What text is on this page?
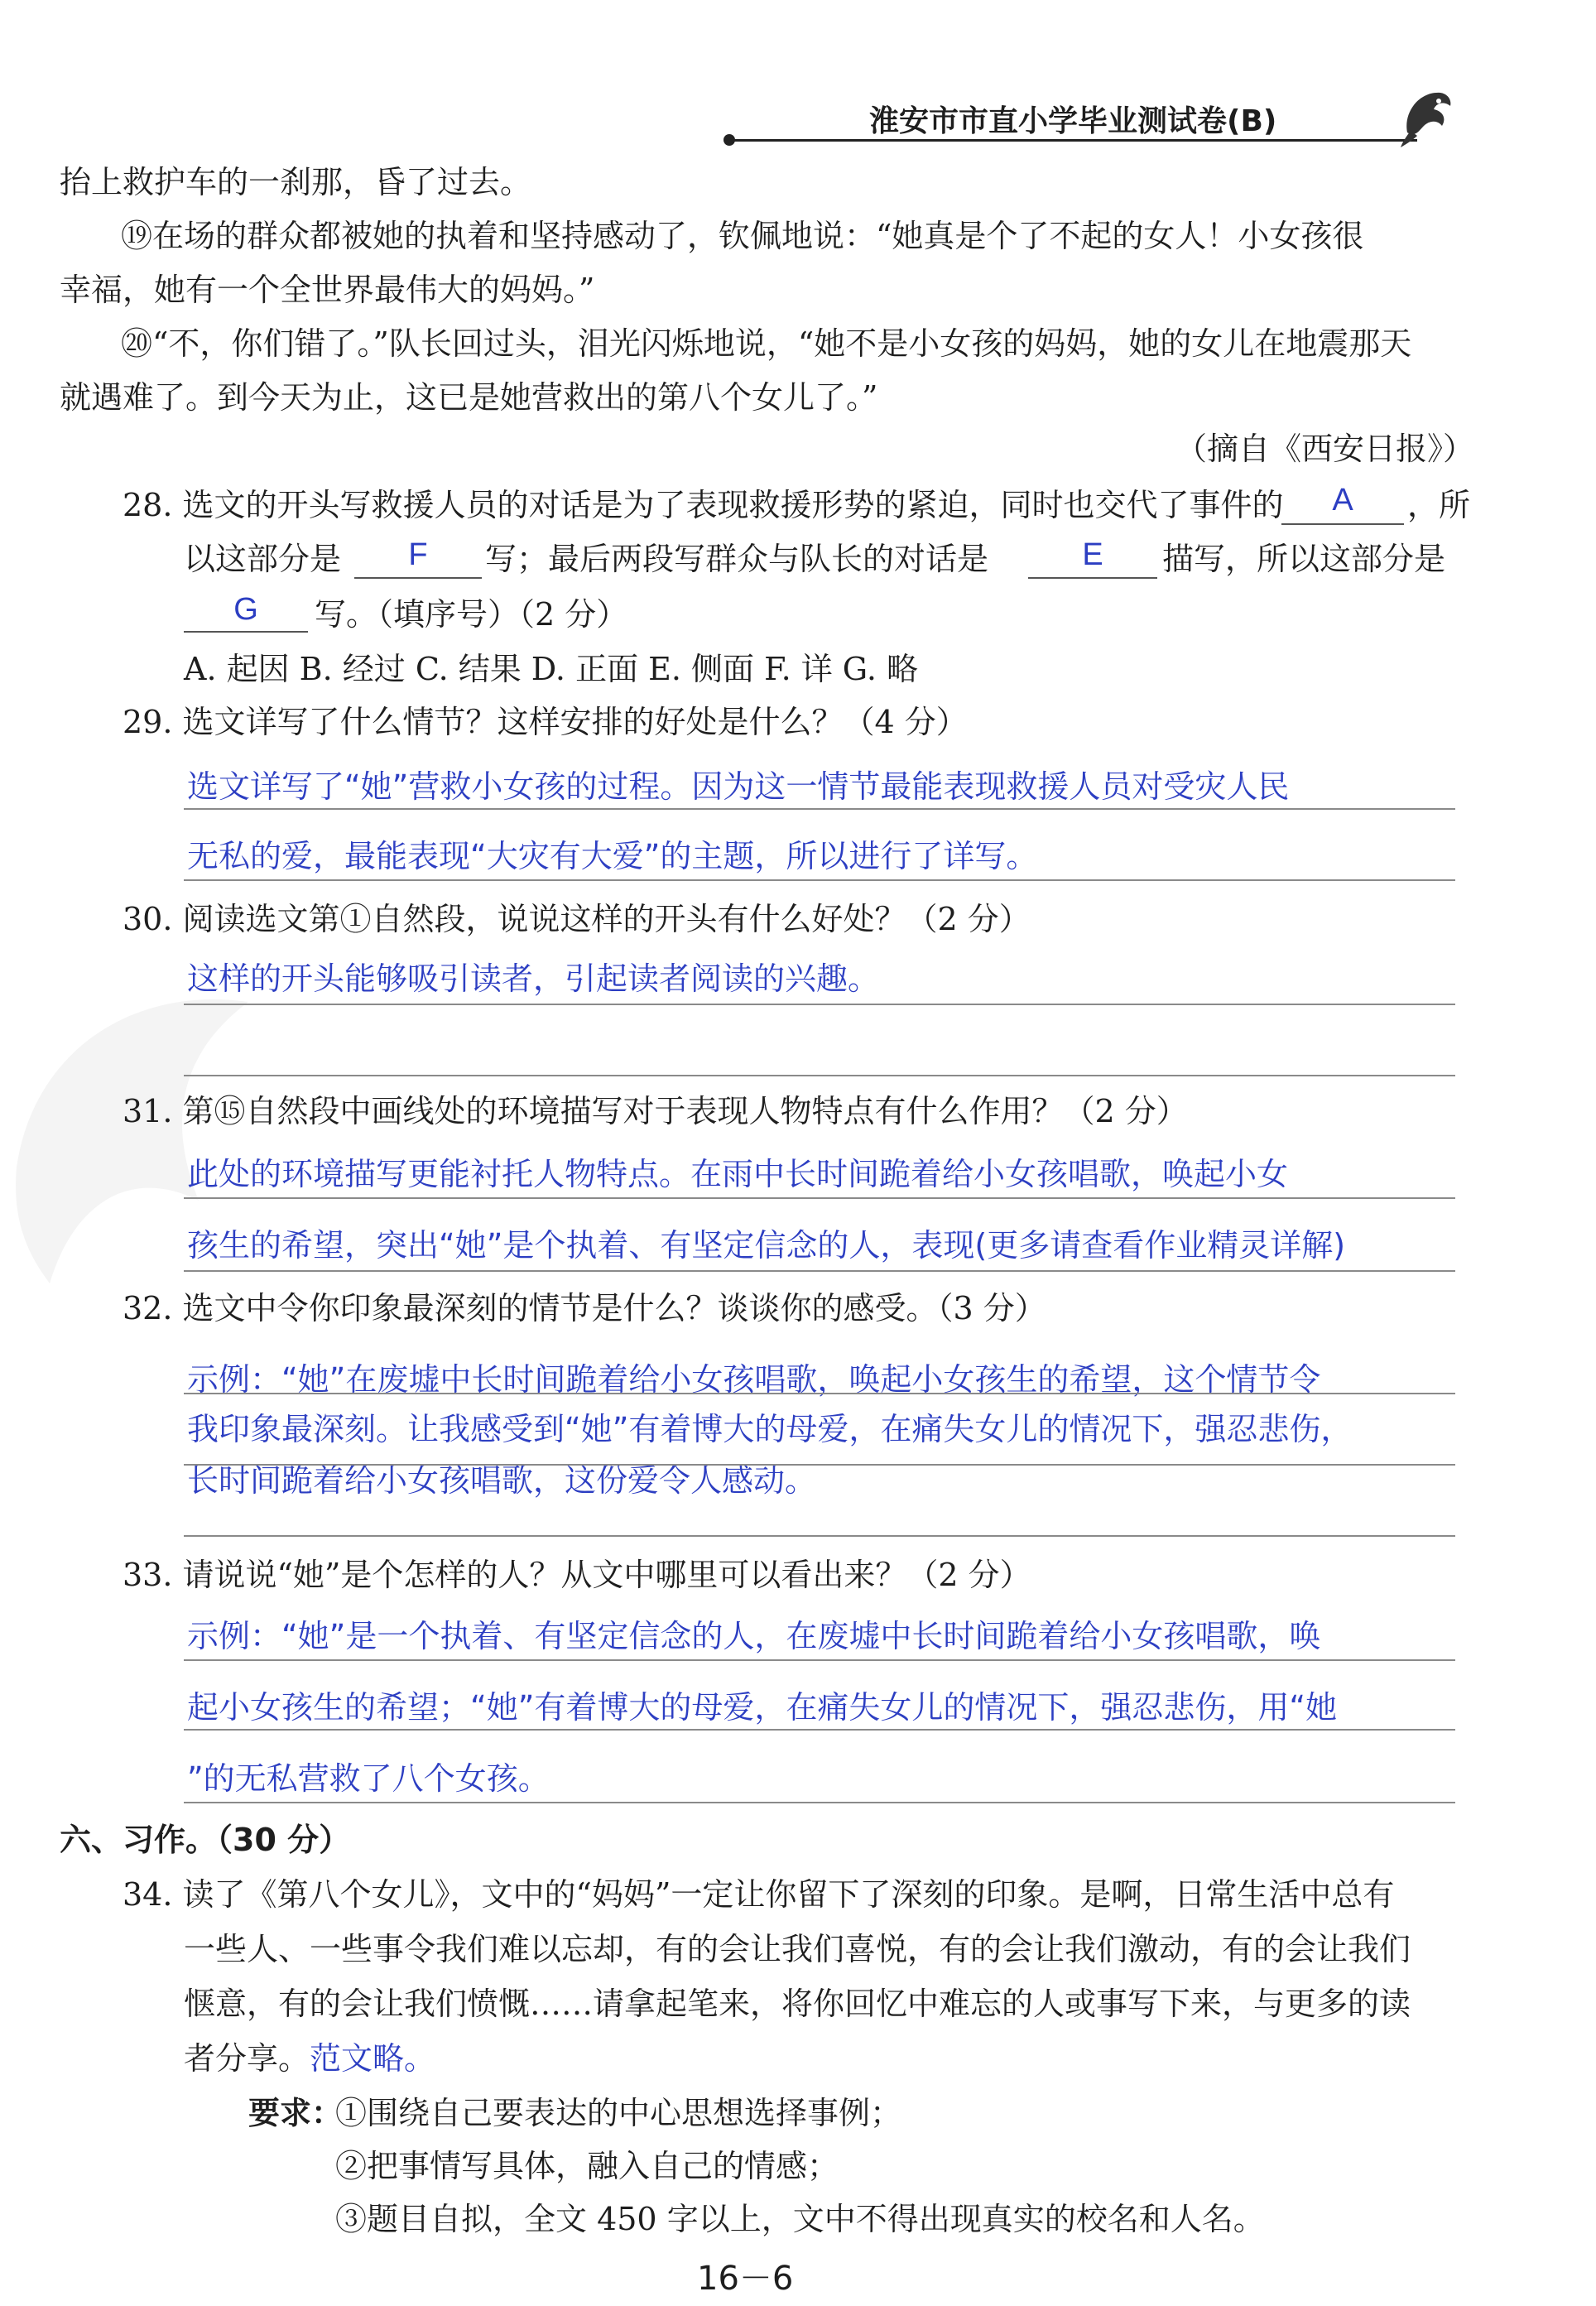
淮安市市直小学毕业测试卷(B)
抬上救护车的一刹那，昏了过去。
⑲在场的群众都被她的执着和坚持感动了，钦佩地说：“她真是个了不起的女人！小女孩很
幸福，她有一个全世界最伟大的妈妈。”
⑳“不，你们错了。”队长回过头，泪光闪烁地说，“她不是小女孩的妈妈，她的女儿在地震那天
就遇难了。到今天为止，这已是她营救出的第八个女儿了。”
（摘自《西安日报》）
28. 选文的开头写救援人员的对话是为了表现救援形势的紧迫，同时也交代了事件的	A	，所
以这部分是	F	写；最后两段写群众与队长的对话是	E	描写，所以这部分是
G	写。（填序号）（2 分）
A. 起因 B. 经过 C. 结果 D. 正面 E. 侧面 F. 详 G. 略
29. 选文详写了什么情节？这样安排的好处是什么？（4 分）
选文详写了“她”营救小女孩的过程。因为这一情节最能表现救援人员对受灾人民
无私的爱，最能表现“大灾有大爱”的主题，所以进行了详写。
30. 阅读选文第①自然段，说说这样的开头有什么好处？（2 分）
这样的开头能够吸引读者，引起读者阅读的兴趣。
31. 第⑮自然段中画线处的环境描写对于表现人物特点有什么作用？（2 分）
此处的环境描写更能衬托人物特点。在雨中长时间跪着给小女孩唱歌，唤起小女
孩生的希望，突出“她”是个执着、有坚定信念的人，表现(更多请查看作业精灵详解)
32. 选文中令你印象最深刻的情节是什么？谈谈你的感受。（3 分）
示例：“她”在废墟中长时间跪着给小女孩唱歌，唤起小女孩生的希望，这个情节令
我印象最深刻。让我感受到“她”有着博大的母爱，在痛失女儿的情况下，强忍悲伤，
长时间跪着给小女孩唱歌，这份爱令人感动。
33. 请说说“她”是个怎样的人？从文中哪里可以看出来？（2 分）
示例：“她”是一个执着、有坚定信念的人，在废墟中长时间跪着给小女孩唱歌，唤
起小女孩生的希望；“她”有着博大的母爱，在痛失女儿的情况下，强忍悲伤，用“她
”的无私营救了八个女孩。
六、习作。（30 分）
34. 读了《第八个女儿》，文中的“妈妈”一定让你留下了深刻的印象。是啊，日常生活中总有
一些人、一些事令我们难以忘却，有的会让我们喜悦，有的会让我们激动，有的会让我们
惬意，有的会让我们愤慨……请拿起笔来，将你回忆中难忘的人或事写下来，与更多的读
者分享。 范文略。
要求：
①围绕自己要表达的中心思想选择事例；
②把事情写具体，融入自己的情感；
③题目自拟，全文 450 字以上，文中不得出现真实的校名和人名。
16－6
